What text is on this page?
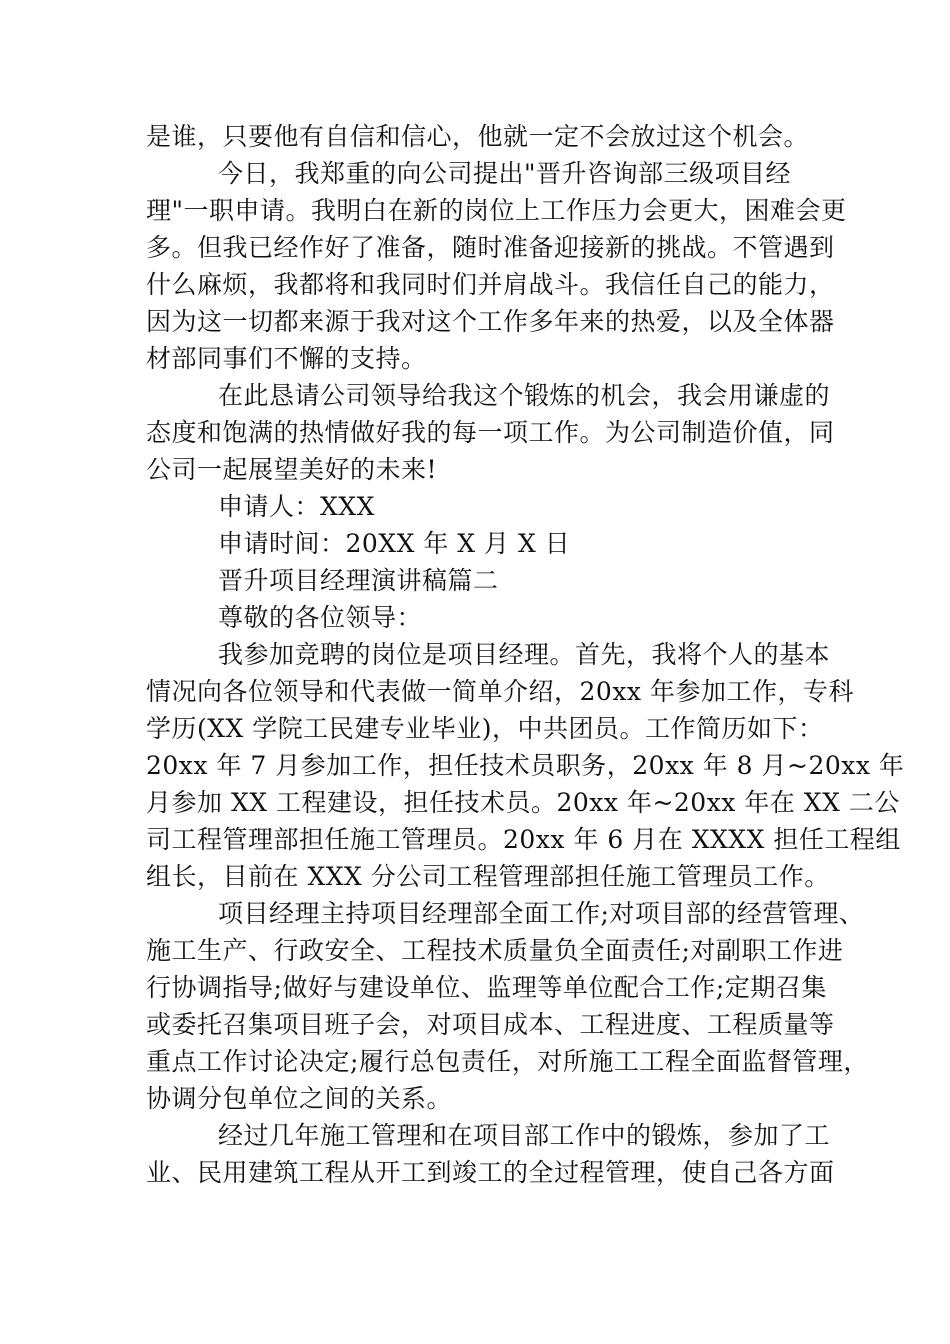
是谁，只要他有自信和信心，他就一定不会放过这个机会。
今日，我郑重的向公司提出"晋升咨询部三级项目经
理"一职申请。我明白在新的岗位上工作压力会更大，困难会更
多。但我已经作好了准备，随时准备迎接新的挑战。不管遇到
什么麻烦，我都将和我同时们并肩战斗。我信任自己的能力，
因为这一切都来源于我对这个工作多年来的热爱，以及全体器
材部同事们不懈的支持。
在此恳请公司领导给我这个锻炼的机会，我会用谦虚的
态度和饱满的热情做好我的每一项工作。为公司制造价值，同
公司一起展望美好的未来!
申请人：XXX
申请时间：20XX 年 X 月 X 日
晋升项目经理演讲稿篇二
尊敬的各位领导：
我参加竞聘的岗位是项目经理。首先，我将个人的基本
情况向各位领导和代表做一简单介绍，20xx 年参加工作，专科
学历(XX 学院工民建专业毕业)，中共团员。工作简历如下：
20xx 年 7 月参加工作，担任技术员职务，20xx 年 8 月~20xx 年
月参加 XX 工程建设，担任技术员。20xx 年~20xx 年在 XX 二公
司工程管理部担任施工管理员。20xx 年 6 月在 XXXX 担任工程组
组长，目前在 XXX 分公司工程管理部担任施工管理员工作。
项目经理主持项目经理部全面工作;对项目部的经营管理、
施工生产、行政安全、工程技术质量负全面责任;对副职工作进
行协调指导;做好与建设单位、监理等单位配合工作;定期召集
或委托召集项目班子会，对项目成本、工程进度、工程质量等
重点工作讨论决定;履行总包责任，对所施工工程全面监督管理，
协调分包单位之间的关系。
经过几年施工管理和在项目部工作中的锻炼，参加了工
业、民用建筑工程从开工到竣工的全过程管理，使自己各方面
